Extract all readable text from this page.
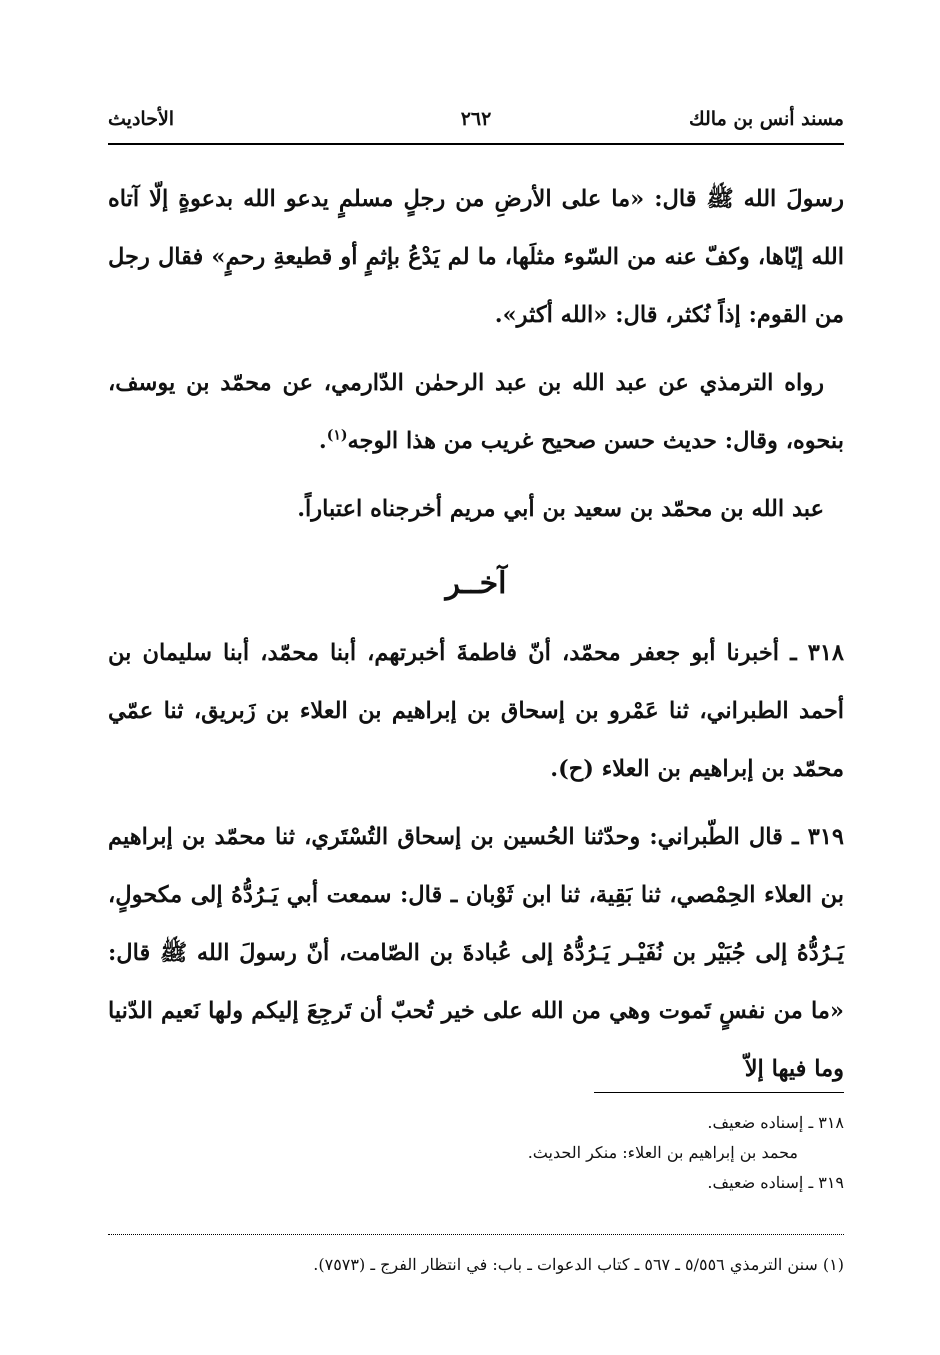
مسند أنس بن مالك
٢٦٢
الأحاديث

رسولَ الله ﷺ قال: «ما على الأرضِ من رجلٍ مسلمٍ يدعو الله بدعوةٍ إلّا آتاه الله إيّاها، وكفّ عنه من السّوء مثلَها، ما لم يَدْعُ بإثمٍ أو قطيعةِ رحمٍ» فقال رجل من القوم: إذاً نُكثر، قال: «الله أكثر».

رواه الترمذي عن عبد الله بن عبد الرحمٰن الدّارمي، عن محمّد بن يوسف، بنحوه، وقال: حديث حسن صحيح غريب من هذا الوجه$^{(١)}$.

عبد الله بن محمّد بن سعيد بن أبي مريم أخرجناه اعتباراً.

آخــر

٣١٨ ـ أخبرنا أبو جعفر محمّد، أنّ فاطمةَ أخبرتهم، أبنا محمّد، أبنا سليمان بن أحمد الطبراني، ثنا عَمْرو بن إسحاق بن إبراهيم بن العلاء بن زَبريق، ثنا عمّي محمّد بن إبراهيم بن العلاء (ح).

٣١٩ ـ قال الطّبراني: وحدّثنا الحُسين بن إسحاق التُسْتَري، ثنا محمّد بن إبراهيم بن العلاء الحِمْصي، ثنا بَقِية، ثنا ابن ثَوْبان ـ قال: سمعت أبي يَـرُدُّهُ إلى مكحولٍ، يَـرُدُّهُ إلى جُبَيْر بن نُفَيْـر يَـرُدُّهُ إلى عُبادةَ بن الصّامت، أنّ رسولَ الله ﷺ قال: «ما من نفسٍ تَموت وهي من الله على خير تُحبّ أن تَرجِعَ إليكم ولها نَعيم الدّنيا وما فيها إلاّ

٣١٨ ـ إسناده ضعيف.

محمد بن إبراهيم بن العلاء: منكر الحديث.

٣١٩ ـ إسناده ضعيف.

(١) سنن الترمذي ٥/٥٥٦ ـ ٥٦٧ ـ كتاب الدعوات ـ باب: في انتظار الفرج ـ (٧٥٧٣).
